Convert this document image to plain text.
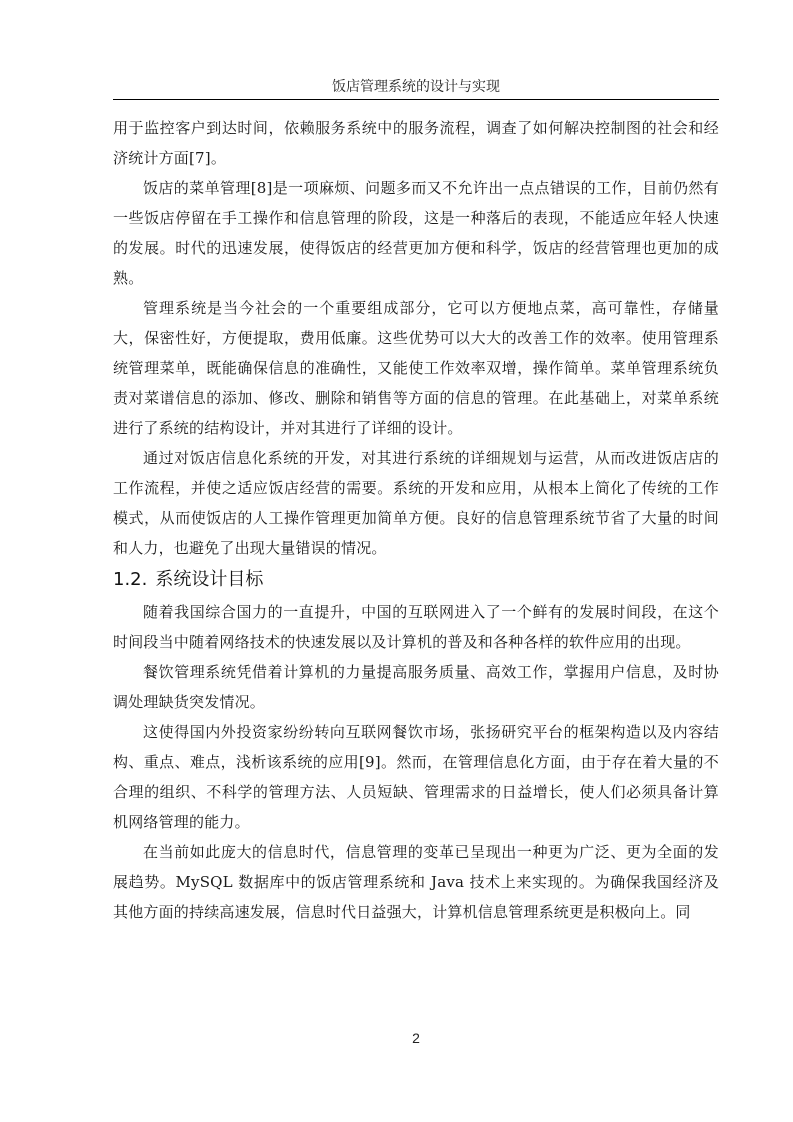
饭店管理系统的设计与实现

用于监控客户到达时间，依赖服务系统中的服务流程，调查了如何解决控制图的社会和经济统计方面[7]。

饭店的菜单管理[8]是一项麻烦、问题多而又不允许出一点点错误的工作，目前仍然有一些饭店停留在手工操作和信息管理的阶段，这是一种落后的表现，不能适应年轻人快速的发展。时代的迅速发展，使得饭店的经营更加方便和科学，饭店的经营管理也更加的成熟。

管理系统是当今社会的一个重要组成部分，它可以方便地点菜，高可靠性，存储量大，保密性好，方便提取，费用低廉。这些优势可以大大的改善工作的效率。使用管理系统管理菜单，既能确保信息的准确性，又能使工作效率双增，操作简单。菜单管理系统负责对菜谱信息的添加、修改、删除和销售等方面的信息的管理。在此基础上，对菜单系统进行了系统的结构设计，并对其进行了详细的设计。

通过对饭店信息化系统的开发，对其进行系统的详细规划与运营，从而改进饭店店的工作流程，并使之适应饭店经营的需要。系统的开发和应用，从根本上简化了传统的工作模式，从而使饭店的人工操作管理更加简单方便。良好的信息管理系统节省了大量的时间和人力，也避免了出现大量错误的情况。

1.2. 系统设计目标

随着我国综合国力的一直提升，中国的互联网进入了一个鲜有的发展时间段，在这个时间段当中随着网络技术的快速发展以及计算机的普及和各种各样的软件应用的出现。

餐饮管理系统凭借着计算机的力量提高服务质量、高效工作，掌握用户信息，及时协调处理缺货突发情况。

这使得国内外投资家纷纷转向互联网餐饮市场，张扬研究平台的框架构造以及内容结构、重点、难点，浅析该系统的应用[9]。然而，在管理信息化方面，由于存在着大量的不合理的组织、不科学的管理方法、人员短缺、管理需求的日益增长，使人们必须具备计算机网络管理的能力。

在当前如此庞大的信息时代，信息管理的变革已呈现出一种更为广泛、更为全面的发展趋势。MySQL 数据库中的饭店管理系统和 Java 技术上来实现的。为确保我国经济及其他方面的持续高速发展，信息时代日益强大，计算机信息管理系统更是积极向上。同

2
